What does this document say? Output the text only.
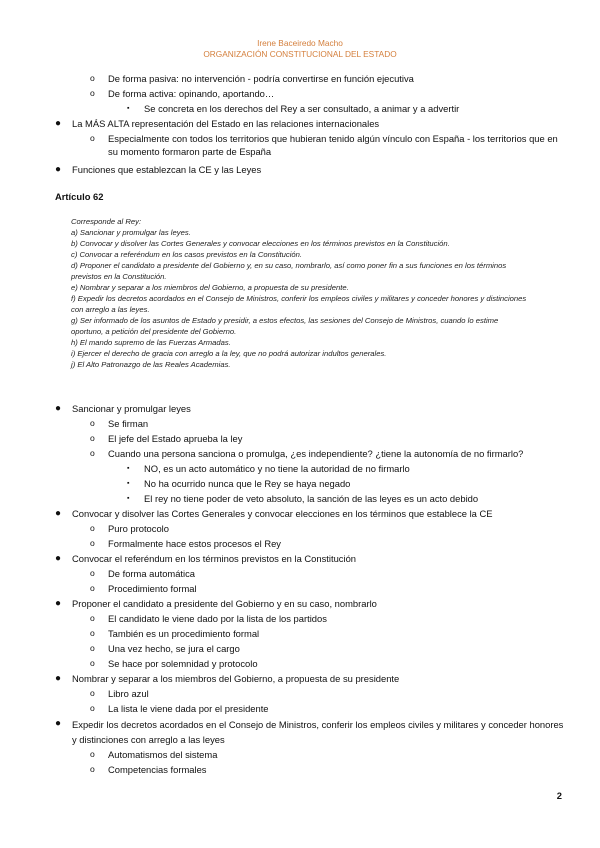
Irene Baceiredo Macho
ORGANIZACIÓN CONSTITUCIONAL DEL ESTADO
o De forma pasiva: no intervención - podría convertirse en función ejecutiva
o De forma activa: opinando, aportando…
▪ Se concreta en los derechos del Rey a ser consultado, a animar y a advertir
● La MÁS ALTA representación del Estado en las relaciones internacionales
o Especialmente con todos los territorios que hubieran tenido algún vínculo con España - los territorios que en su momento formaron parte de España
● Funciones que establezcan la CE y las Leyes
Artículo 62
Corresponde al Rey:
a) Sancionar y promulgar las leyes.
b) Convocar y disolver las Cortes Generales y convocar elecciones en los términos previstos en la Constitución.
c) Convocar a referéndum en los casos previstos en la Constitución.
d) Proponer el candidato a presidente del Gobierno y, en su caso, nombrarlo, así como poner fin a sus funciones en los términos previstos en la Constitución.
e) Nombrar y separar a los miembros del Gobierno, a propuesta de su presidente.
f) Expedir los decretos acordados en el Consejo de Ministros, conferir los empleos civiles y militares y conceder honores y distinciones con arreglo a las leyes.
g) Ser informado de los asuntos de Estado y presidir, a estos efectos, las sesiones del Consejo de Ministros, cuando lo estime oportuno, a petición del presidente del Gobierno.
h) El mando supremo de las Fuerzas Armadas.
i) Ejercer el derecho de gracia con arreglo a la ley, que no podrá autorizar indultos generales.
j) El Alto Patronazgo de las Reales Academias.
● Sancionar y promulgar leyes
o Se firman
o El jefe del Estado aprueba la ley
o Cuando una persona sanciona o promulga, ¿es independiente? ¿tiene la autonomía de no firmarlo?
▪ NO, es un acto automático y no tiene la autoridad de no firmarlo
▪ No ha ocurrido nunca que le Rey se haya negado
▪ El rey no tiene poder de veto absoluto, la sanción de las leyes es un acto debido
● Convocar y disolver las Cortes Generales y convocar elecciones en los términos que establece la CE
o Puro protocolo
o Formalmente hace estos procesos el Rey
● Convocar el referéndum en los términos previstos en la Constitución
o De forma automática
o Procedimiento formal
● Proponer el candidato a presidente del Gobierno y en su caso, nombrarlo
o El candidato le viene dado por la lista de los partidos
o También es un procedimiento formal
o Una vez hecho, se jura el cargo
o Se hace por solemnidad y protocolo
● Nombrar y separar a los miembros del Gobierno, a propuesta de su presidente
o Libro azul
o La lista le viene dada por el presidente
● Expedir los decretos acordados en el Consejo de Ministros, conferir los empleos civiles y militares y conceder honores y distinciones con arreglo a las leyes
o Automatismos del sistema
o Competencias formales
2
